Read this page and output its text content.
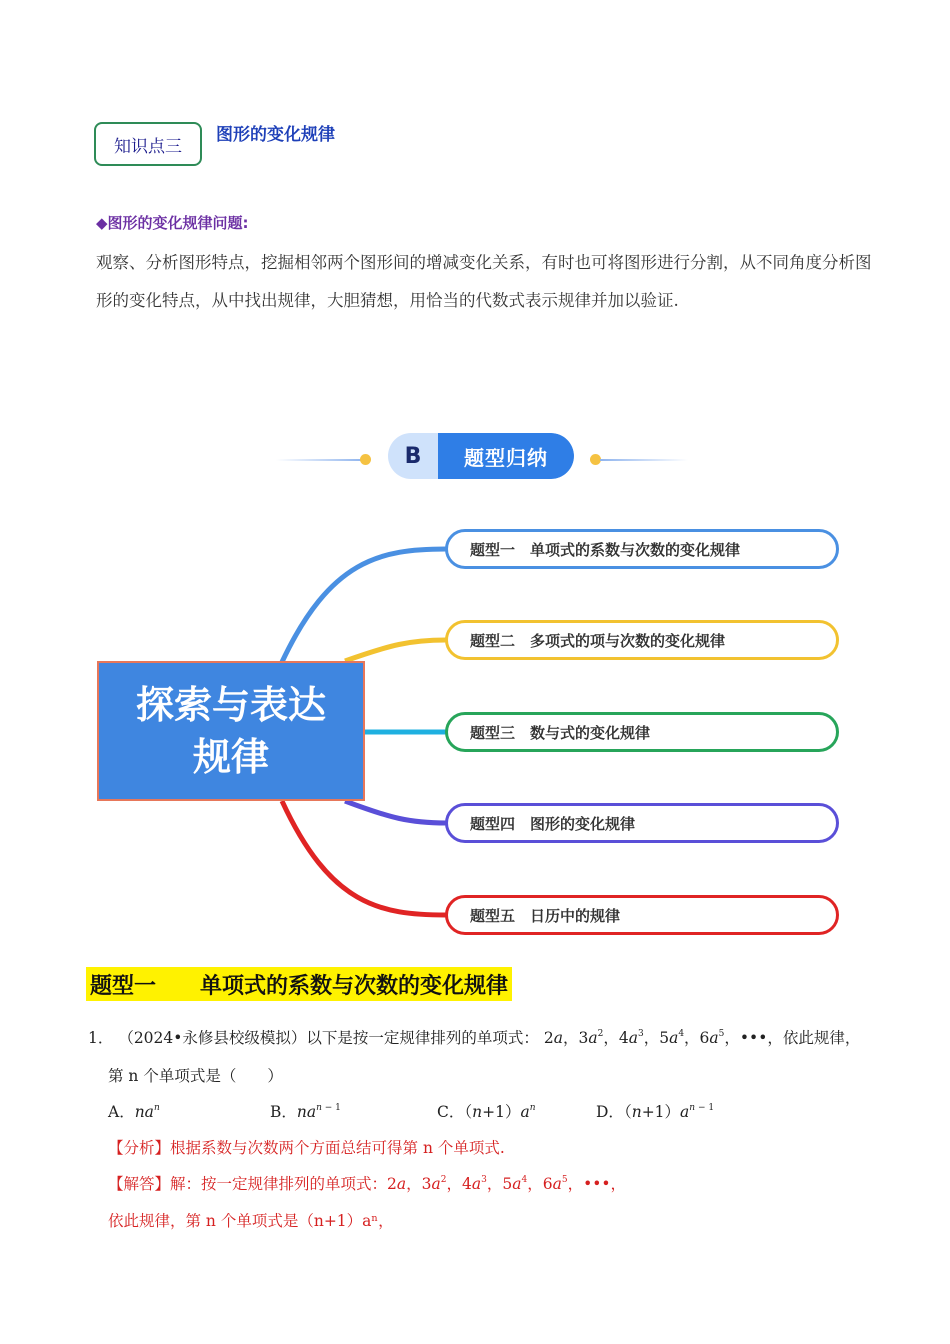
知识点三
图形的变化规律
◆图形的变化规律问题:
观察、分析图形特点，挖掘相邻两个图形间的增减变化关系，有时也可将图形进行分割，从不同角度分析图形的变化特点，从中找出规律，大胆猜想，用恰当的代数式表示规律并加以验证.
B	题型归纳
探索与表达
规律
题型一　单项式的系数与次数的变化规律
题型二　多项式的项与次数的变化规律
题型三　数与式的变化规律
题型四　图形的变化规律
题型五　日历中的规律
题型一　　单项式的系数与次数的变化规律
1． （2024•永修县校级模拟）以下是按一定规律排列的单项式： 2a，$3a^2$，$4a^3$，$5a^4$，$6a^5$，•••，依此规律，
第 n 个单项式是（　　）
A．$na^n$	B．$na^{n - 1}$	C．$(n+1)a^n$	D．$(n+1)a^{n - 1}$
【分析】根据系数与次数两个方面总结可得第 n 个单项式.
【解答】解：按一定规律排列的单项式：2a，$3a^2$，$4a^3$，$5a^4$，$6a^5$，•••，
依此规律，第 n 个单项式是（n+1）aⁿ，
